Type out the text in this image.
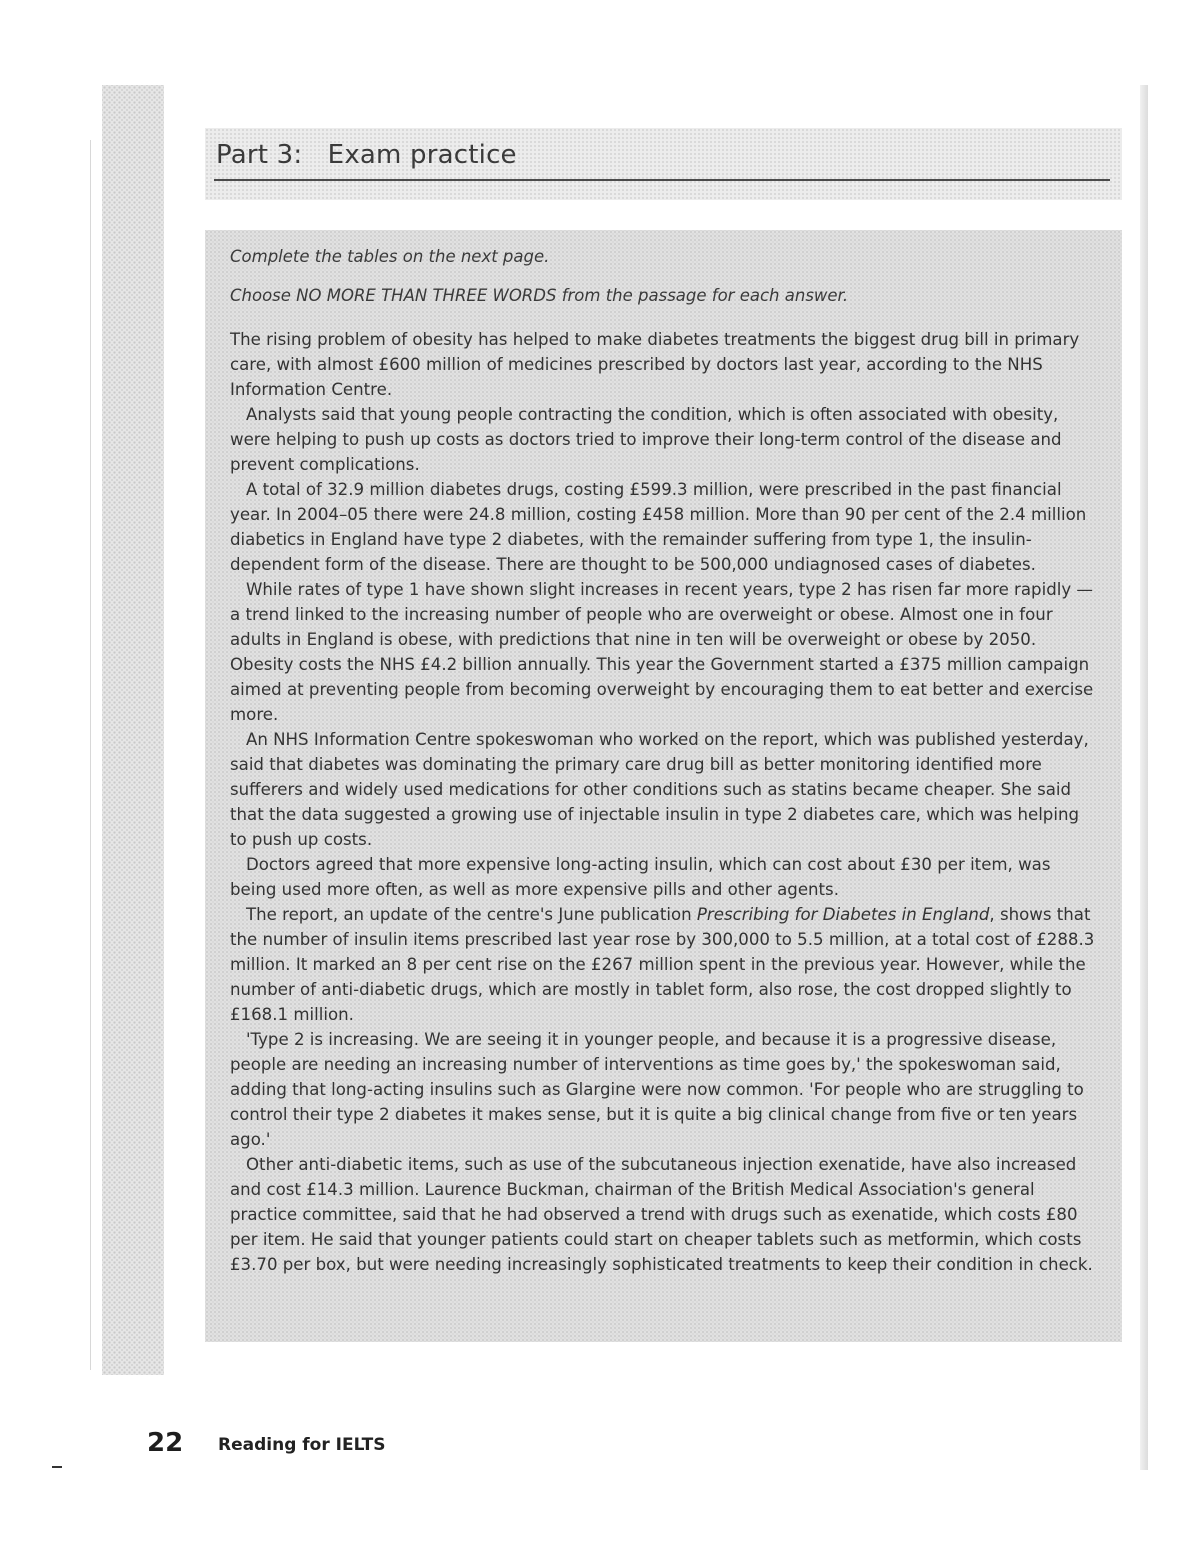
Part 3:   Exam practice

Complete the tables on the next page.

Choose NO MORE THAN THREE WORDS from the passage for each answer.

The rising problem of obesity has helped to make diabetes treatments the biggest drug bill in primary care, with almost £600 million of medicines prescribed by doctors last year, according to the NHS Information Centre.

Analysts said that young people contracting the condition, which is often associated with obesity, were helping to push up costs as doctors tried to improve their long-term control of the disease and prevent complications.

A total of 32.9 million diabetes drugs, costing £599.3 million, were prescribed in the past financial year. In 2004–05 there were 24.8 million, costing £458 million. More than 90 per cent of the 2.4 million diabetics in England have type 2 diabetes, with the remainder suffering from type 1, the insulin-dependent form of the disease. There are thought to be 500,000 undiagnosed cases of diabetes.

While rates of type 1 have shown slight increases in recent years, type 2 has risen far more rapidly — a trend linked to the increasing number of people who are overweight or obese. Almost one in four adults in England is obese, with predictions that nine in ten will be overweight or obese by 2050. Obesity costs the NHS £4.2 billion annually. This year the Government started a £375 million campaign aimed at preventing people from becoming overweight by encouraging them to eat better and exercise more.

An NHS Information Centre spokeswoman who worked on the report, which was published yesterday, said that diabetes was dominating the primary care drug bill as better monitoring identified more sufferers and widely used medications for other conditions such as statins became cheaper. She said that the data suggested a growing use of injectable insulin in type 2 diabetes care, which was helping to push up costs.

Doctors agreed that more expensive long-acting insulin, which can cost about £30 per item, was being used more often, as well as more expensive pills and other agents.

The report, an update of the centre's June publication Prescribing for Diabetes in England, shows that the number of insulin items prescribed last year rose by 300,000 to 5.5 million, at a total cost of £288.3 million. It marked an 8 per cent rise on the £267 million spent in the previous year. However, while the number of anti-diabetic drugs, which are mostly in tablet form, also rose, the cost dropped slightly to £168.1 million.

'Type 2 is increasing. We are seeing it in younger people, and because it is a progressive disease, people are needing an increasing number of interventions as time goes by,' the spokeswoman said, adding that long-acting insulins such as Glargine were now common. 'For people who are struggling to control their type 2 diabetes it makes sense, but it is quite a big clinical change from five or ten years ago.'

Other anti-diabetic items, such as use of the subcutaneous injection exenatide, have also increased and cost £14.3 million. Laurence Buckman, chairman of the British Medical Association's general practice committee, said that he had observed a trend with drugs such as exenatide, which costs £80 per item. He said that younger patients could start on cheaper tablets such as metformin, which costs £3.70 per box, but were needing increasingly sophisticated treatments to keep their condition in check.

22 Reading for IELTS
